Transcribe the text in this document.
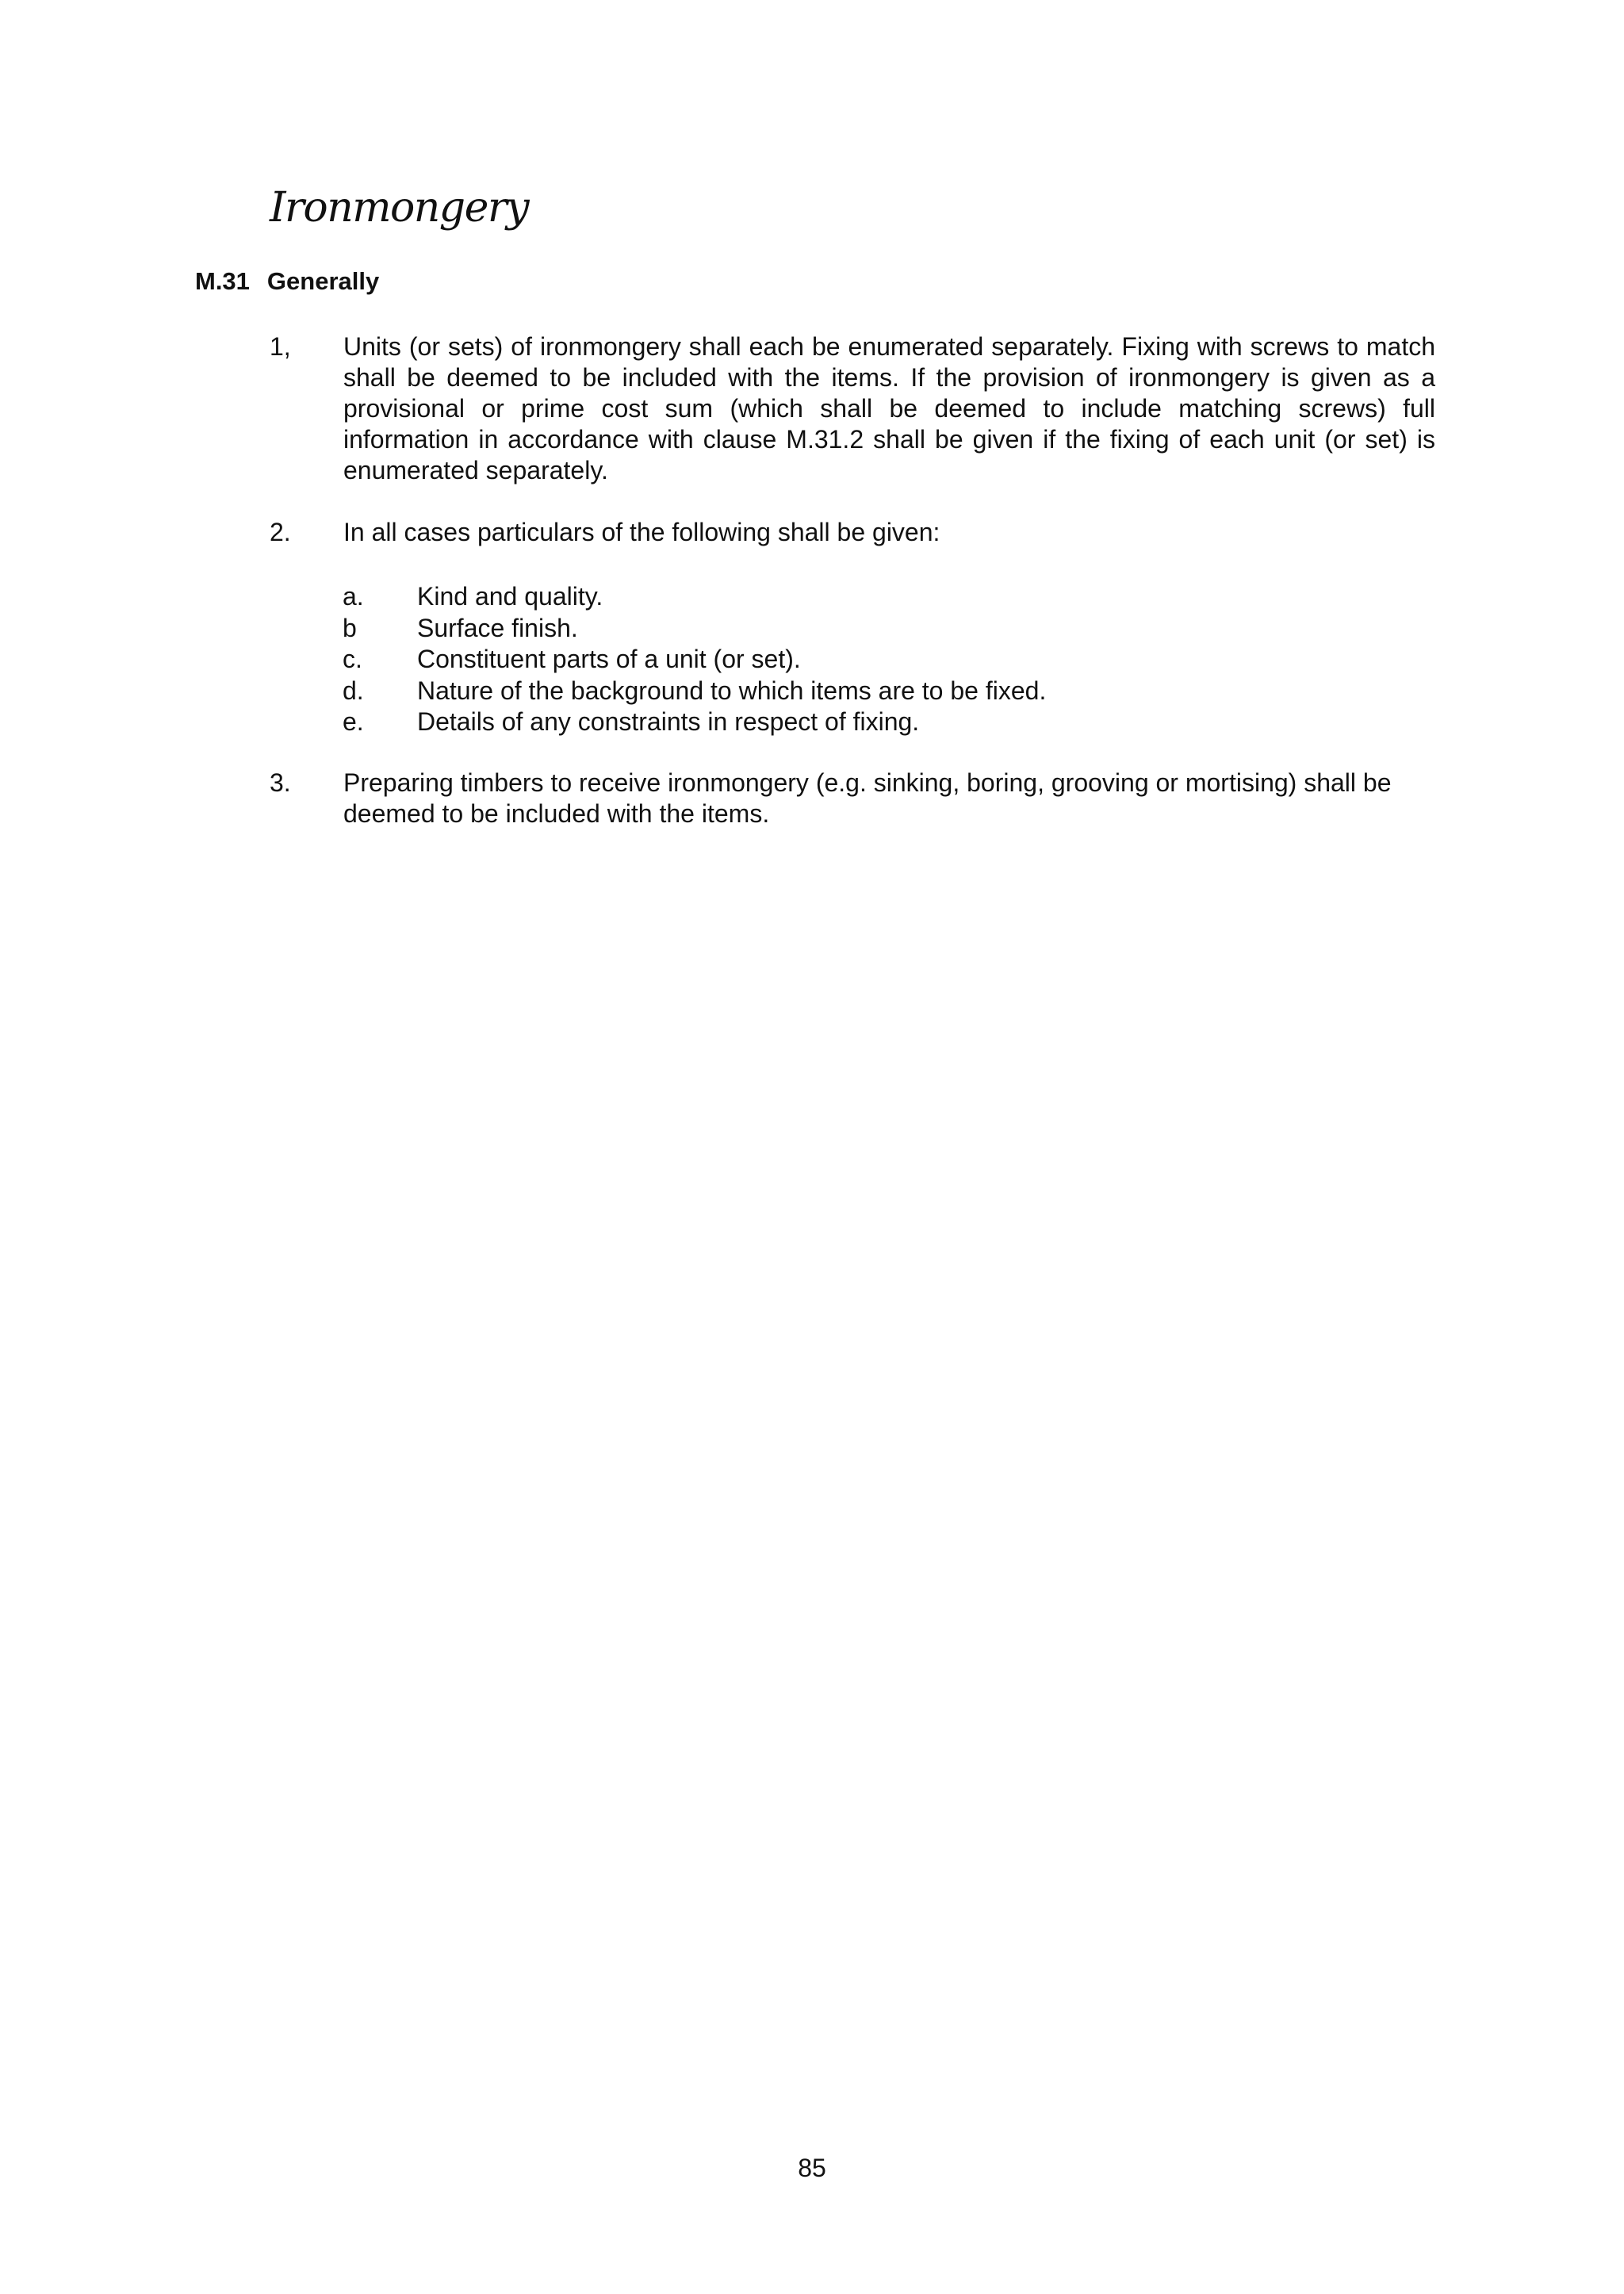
Ironmongery
M.31 Generally
1,	Units (or sets) of ironmongery shall each be enumerated separately. Fixing with screws to match shall be deemed to be included with the items. If the provision of ironmongery is given as a provisional or prime cost sum (which shall be deemed to include matching screws) full information in accordance with clause M.31.2 shall be given if the fixing of each unit (or set) is enumerated separately.
2.	In all cases particulars of the following shall be given:
a.	Kind and quality.
b	Surface finish.
c.	Constituent parts of a unit (or set).
d.	Nature of the background to which items are to be fixed.
e.	Details of any constraints in respect of fixing.
3.	Preparing timbers to receive ironmongery (e.g. sinking, boring, grooving or mortising) shall be deemed to be included with the items.
85
